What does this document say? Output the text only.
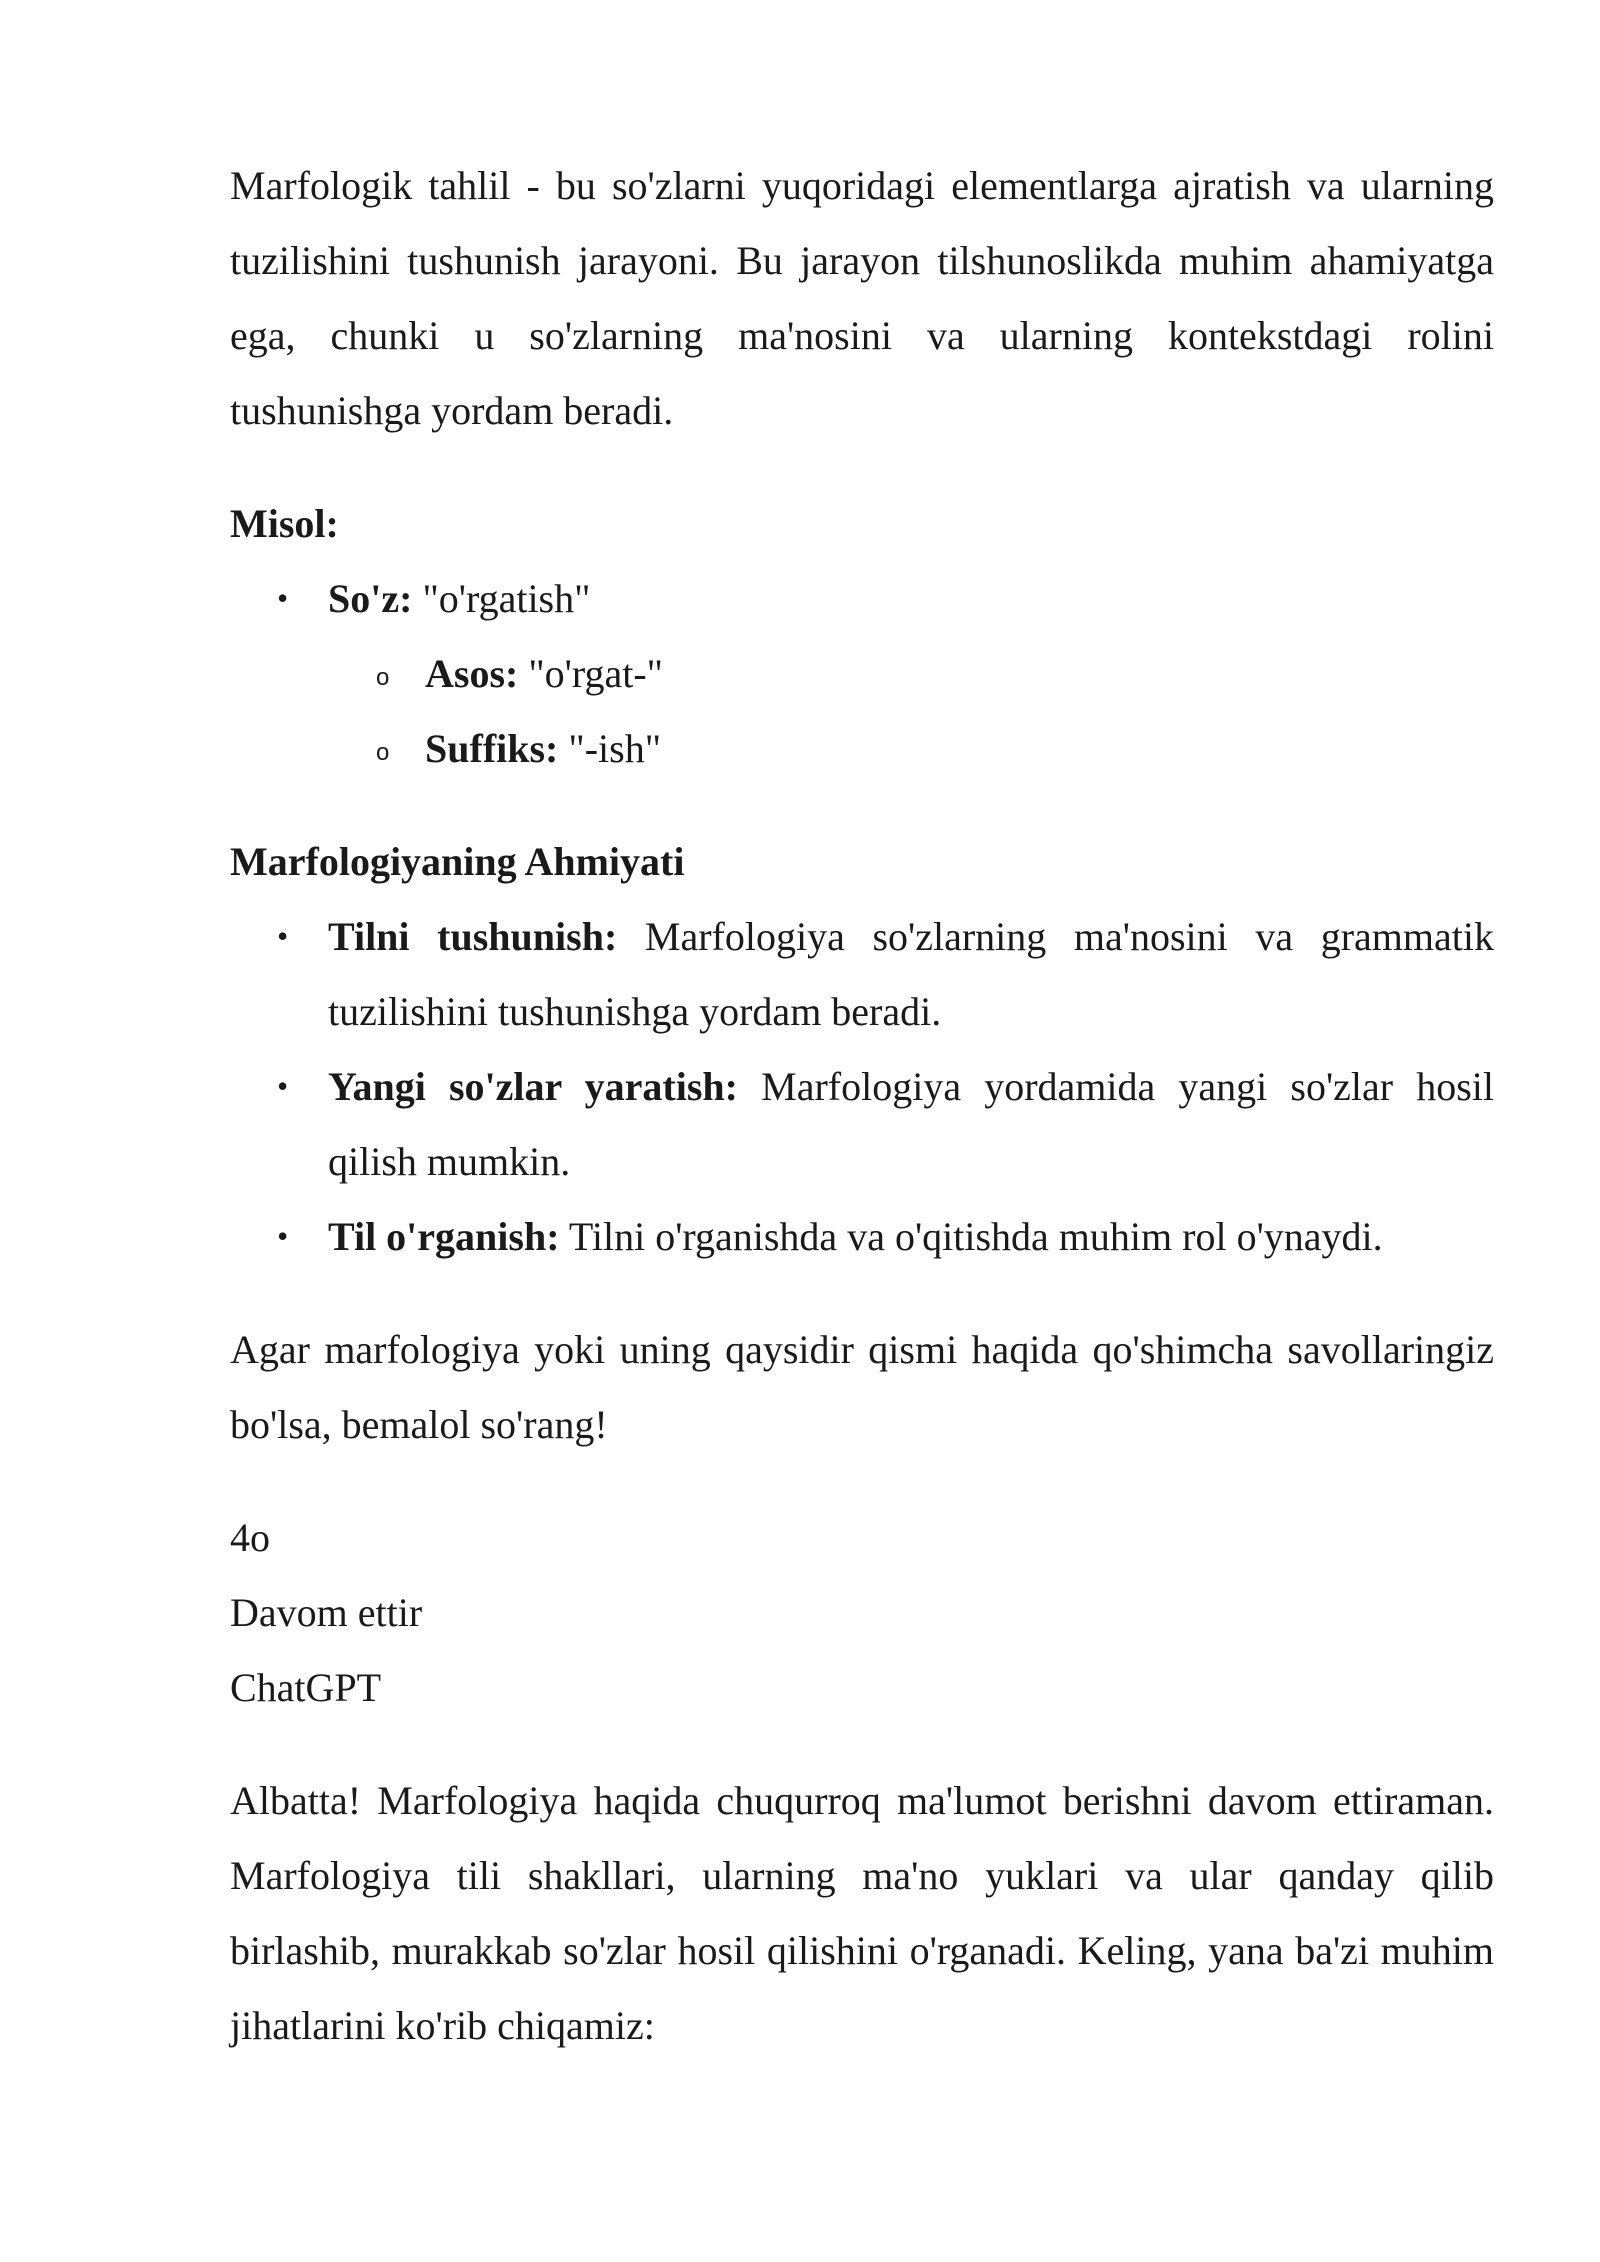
Marfologik tahlil - bu so'zlarni yuqoridagi elementlarga ajratish va ularning tuzilishini tushunish jarayoni. Bu jarayon tilshunoslikda muhim ahamiyatga ega, chunki u so'zlarning ma'nosini va ularning kontekstdagi rolini tushunishga yordam beradi.

Misol:

• So'z: "o'rgatish"
o Asos: "o'rgat-"
o Suffiks: "-ish"

Marfologiyaning Ahmiyati

• Tilni tushunish: Marfologiya so'zlarning ma'nosini va grammatik tuzilishini tushunishga yordam beradi.
• Yangi so'zlar yaratish: Marfologiya yordamida yangi so'zlar hosil qilish mumkin.
• Til o'rganish: Tilni o'rganishda va o'qitishda muhim rol o'ynaydi.

Agar marfologiya yoki uning qaysidir qismi haqida qo'shimcha savollaringiz bo'lsa, bemalol so'rang!

4o

Davom ettir

ChatGPT

Albatta! Marfologiya haqida chuqurroq ma'lumot berishni davom ettiraman. Marfologiya tili shakllari, ularning ma'no yuklari va ular qanday qilib birlashib, murakkab so'zlar hosil qilishini o'rganadi. Keling, yana ba'zi muhim jihatlarini ko'rib chiqamiz:
